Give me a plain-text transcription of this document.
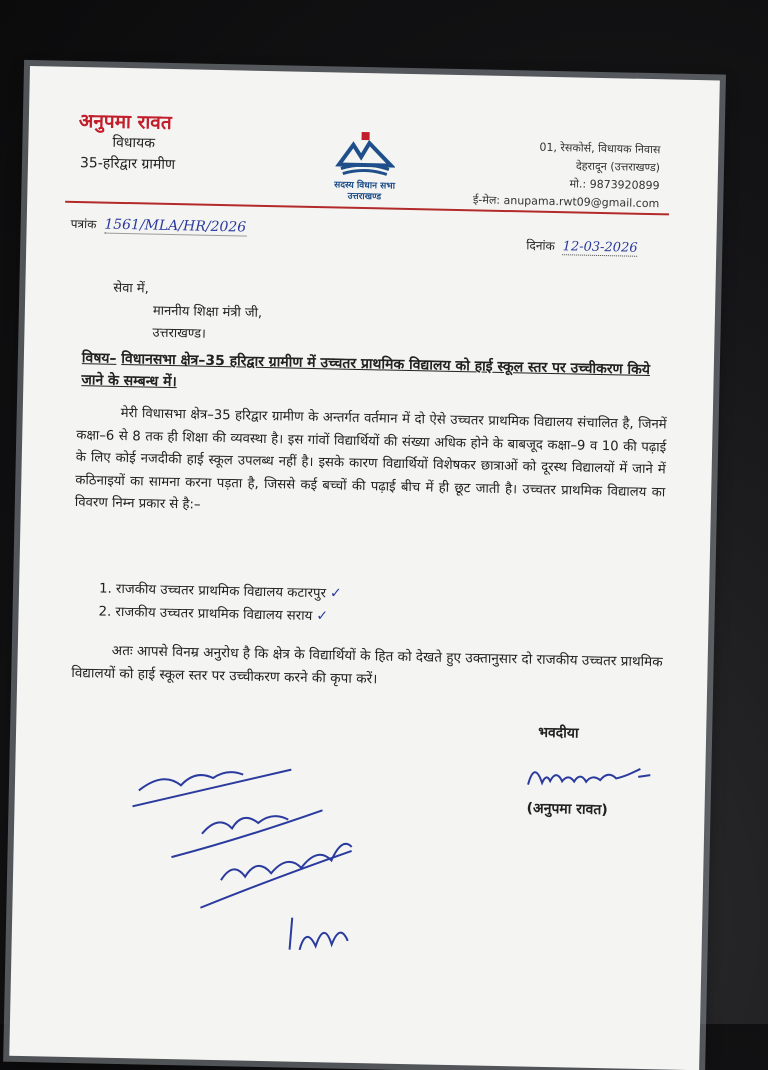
अनुपमा रावत
विधायक
35-हरिद्वार ग्रामीण
सदस्य विधान सभा
उत्तराखण्ड
01, रेसकोर्स, विधायक निवास
देहरादून (उत्तराखण्ड)
मो.: 9873920899
ई-मेल: anupama.rwt09@gmail.com
पत्रांक 1561/MLA/HR/2026
दिनांक 12-03-2026
सेवा में,
माननीय शिक्षा मंत्री जी,
उत्तराखण्ड।
विषय– विधानसभा क्षेत्र–35 हरिद्वार ग्रामीण में उच्चतर प्राथमिक विद्यालय को हाई स्कूल स्तर पर उच्चीकरण किये जाने के सम्बन्ध में।
मेरी विधासभा क्षेत्र–35 हरिद्वार ग्रामीण के अन्तर्गत वर्तमान में दो ऐसे उच्चतर प्राथमिक विद्यालय संचालित है, जिनमें कक्षा–6 से 8 तक ही शिक्षा की व्यवस्था है। इस गांवों विद्यार्थियों की संख्या अधिक होने के बाबजूद कक्षा–9 व 10 की पढ़ाई के लिए कोई नजदीकी हाई स्कूल उपलब्ध नहीं है। इसके कारण विद्यार्थियों विशेषकर छात्राओं को दूरस्थ विद्यालयों में जाने में कठिनाइयों का सामना करना पड़ता है, जिससे कई बच्चों की पढ़ाई बीच में ही छूट जाती है। उच्चतर प्राथमिक विद्यालय का विवरण निम्न प्रकार से है:–
1. राजकीय उच्चतर प्राथमिक विद्यालय कटारपुर ✓
2. राजकीय उच्चतर प्राथमिक विद्यालय सराय ✓
अतः आपसे विनम्र अनुरोध है कि क्षेत्र के विद्यार्थियों के हित को देखते हुए उक्तानुसार दो राजकीय उच्चतर प्राथमिक विद्यालयों को हाई स्कूल स्तर पर उच्चीकरण करने की कृपा करें।
भवदीया
(अनुपमा रावत)
